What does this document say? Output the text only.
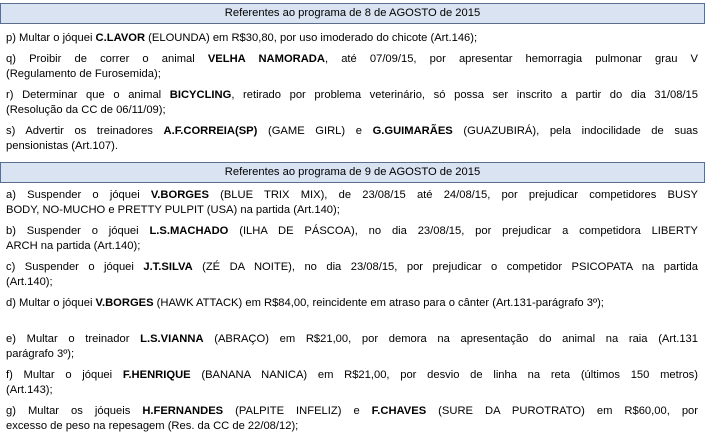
Referentes ao programa de 8 de AGOSTO de 2015
p) Multar o jóquei C.LAVOR (ELOUNDA) em R$30,80, por uso imoderado do chicote (Art.146);
q) Proibir de correr o animal VELHA NAMORADA, até 07/09/15, por apresentar hemorragia pulmonar grau V
(Regulamento de Furosemida);
r) Determinar que o animal BICYCLING, retirado por problema veterinário, só possa ser inscrito a partir do dia 31/08/15
(Resolução da CC de 06/11/09);
s) Advertir os treinadores A.F.CORREIA(SP) (GAME GIRL) e G.GUIMARÃES (GUAZUBIRÁ), pela indocilidade de suas
pensionistas (Art.107).
Referentes ao programa de 9 de AGOSTO de 2015
a) Suspender o jóquei V.BORGES (BLUE TRIX MIX), de 23/08/15 até 24/08/15, por prejudicar competidores BUSY
BODY, NO-MUCHO e PRETTY PULPIT (USA) na partida (Art.140);
b) Suspender o jóquei L.S.MACHADO (ILHA DE PÁSCOA), no dia 23/08/15, por prejudicar a competidora LIBERTY
ARCH na partida (Art.140);
c) Suspender o jóquei J.T.SILVA (ZÉ DA NOITE), no dia 23/08/15, por prejudicar o competidor PSICOPATA na partida
(Art.140);
d) Multar o jóquei V.BORGES (HAWK ATTACK) em R$84,00, reincidente em atraso para o cânter (Art.131-parágrafo 3º);
e) Multar o treinador L.S.VIANNA (ABRAÇO) em R$21,00, por demora na apresentação do animal na raia (Art.131
parágrafo 3º);
f) Multar o jóquei F.HENRIQUE (BANANA NANICA) em R$21,00, por desvio de linha na reta (últimos 150 metros)
(Art.143);
g) Multar os jóqueis H.FERNANDES (PALPITE INFELIZ) e F.CHAVES (SURE DA PUROTRATO) em R$60,00, por
excesso de peso na repesagem (Res. da CC de 22/08/12);
